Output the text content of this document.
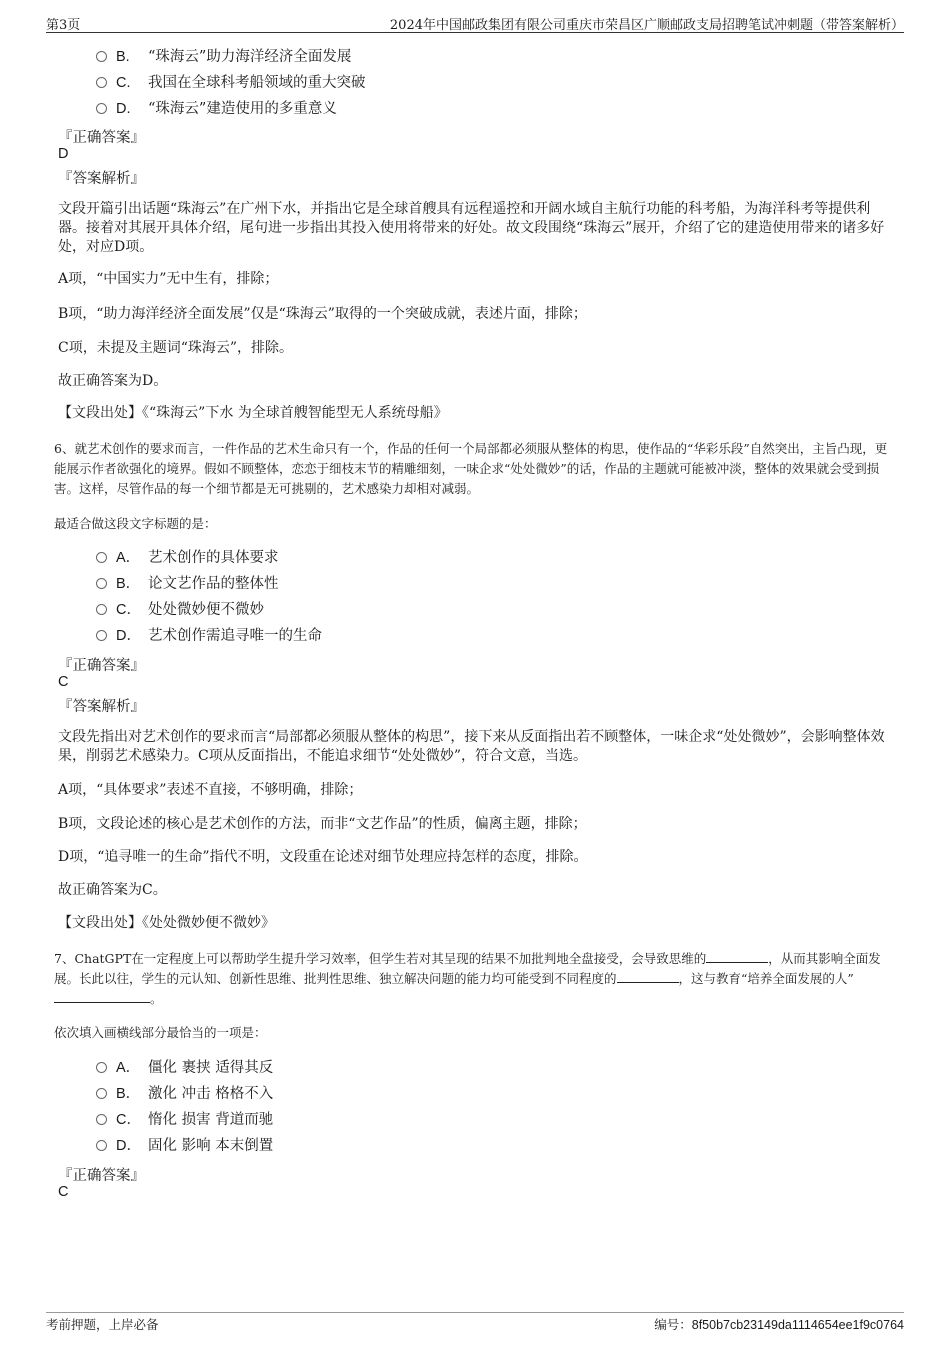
第3页	2024年中国邮政集团有限公司重庆市荣昌区广顺邮政支局招聘笔试冲刺题（带答案解析）
B. “珠海云”助力海洋经济全面发展
C. 我国在全球科考船领域的重大突破
D. “珠海云”建造使用的多重意义
『正确答案』
D
『答案解析』
文段开篇引出话题“珠海云”在广州下水，并指出它是全球首艘具有远程遥控和开阔水域自主航行功能的科考船，为海洋科考等提供利器。接着对其展开具体介绍，尾句进一步指出其投入使用将带来的好处。故文段围绕“珠海云”展开，介绍了它的建造使用带来的诸多好处，对应D项。
A项，“中国实力”无中生有，排除；
B项，“助力海洋经济全面发展”仅是“珠海云”取得的一个突破成就，表述片面，排除；
C项，未提及主题词“珠海云”，排除。
故正确答案为D。
【文段出处】《“珠海云”下水 为全球首艘智能型无人系统母船》
6、就艺术创作的要求而言，一件作品的艺术生命只有一个，作品的任何一个局部都必须服从整体的构思，使作品的“华彩乐段”自然突出，主旨凸现，更能展示作者欲强化的境界。假如不顾整体，恋恋于细枝末节的精雕细刻，一味企求“处处微妙”的话，作品的主题就可能被冲淡，整体的效果就会受到损害。这样，尽管作品的每一个细节都是无可挑剔的，艺术感染力却相对减弱。
最适合做这段文字标题的是：
A． 艺术创作的具体要求
B． 论文艺作品的整体性
C． 处处微妙便不微妙
D． 艺术创作需追寻唯一的生命
『正确答案』
C
『答案解析』
文段先指出对艺术创作的要求而言“局部都必须服从整体的构思”，接下来从反面指出若不顾整体，一味企求“处处微妙”，会影响整体效果，削弱艺术感染力。C项从反面指出，不能追求细节“处处微妙”，符合文意，当选。
A项，“具体要求”表述不直接，不够明确，排除；
B项，文段论述的核心是艺术创作的方法，而非“文艺作品”的性质，偏离主题，排除；
D项，“追寻唯一的生命”指代不明，文段重在论述对细节处理应持怎样的态度，排除。
故正确答案为C。
【文段出处】《处处微妙便不微妙》
7、ChatGPT在一定程度上可以帮助学生提升学习效率，但学生若对其呈现的结果不加批判地全盘接受，会导致思维的	，从而其影响全面发展。长此以往，学生的元认知、创新性思维、批判性思维、独立解决问题的能力均可能受到不同程度的	，这与教育“培养全面发展的人”。
依次填入画横线部分最恰当的一项是：
A． 僵化 裹挟 适得其反
B． 激化 冲击 格格不入
C． 惰化 损害 背道而驰
D． 固化 影响 本末倒置
『正确答案』
C
考前押题，上岸必备	编号：8f50b7cb23149da1114654ee1f9c0764
